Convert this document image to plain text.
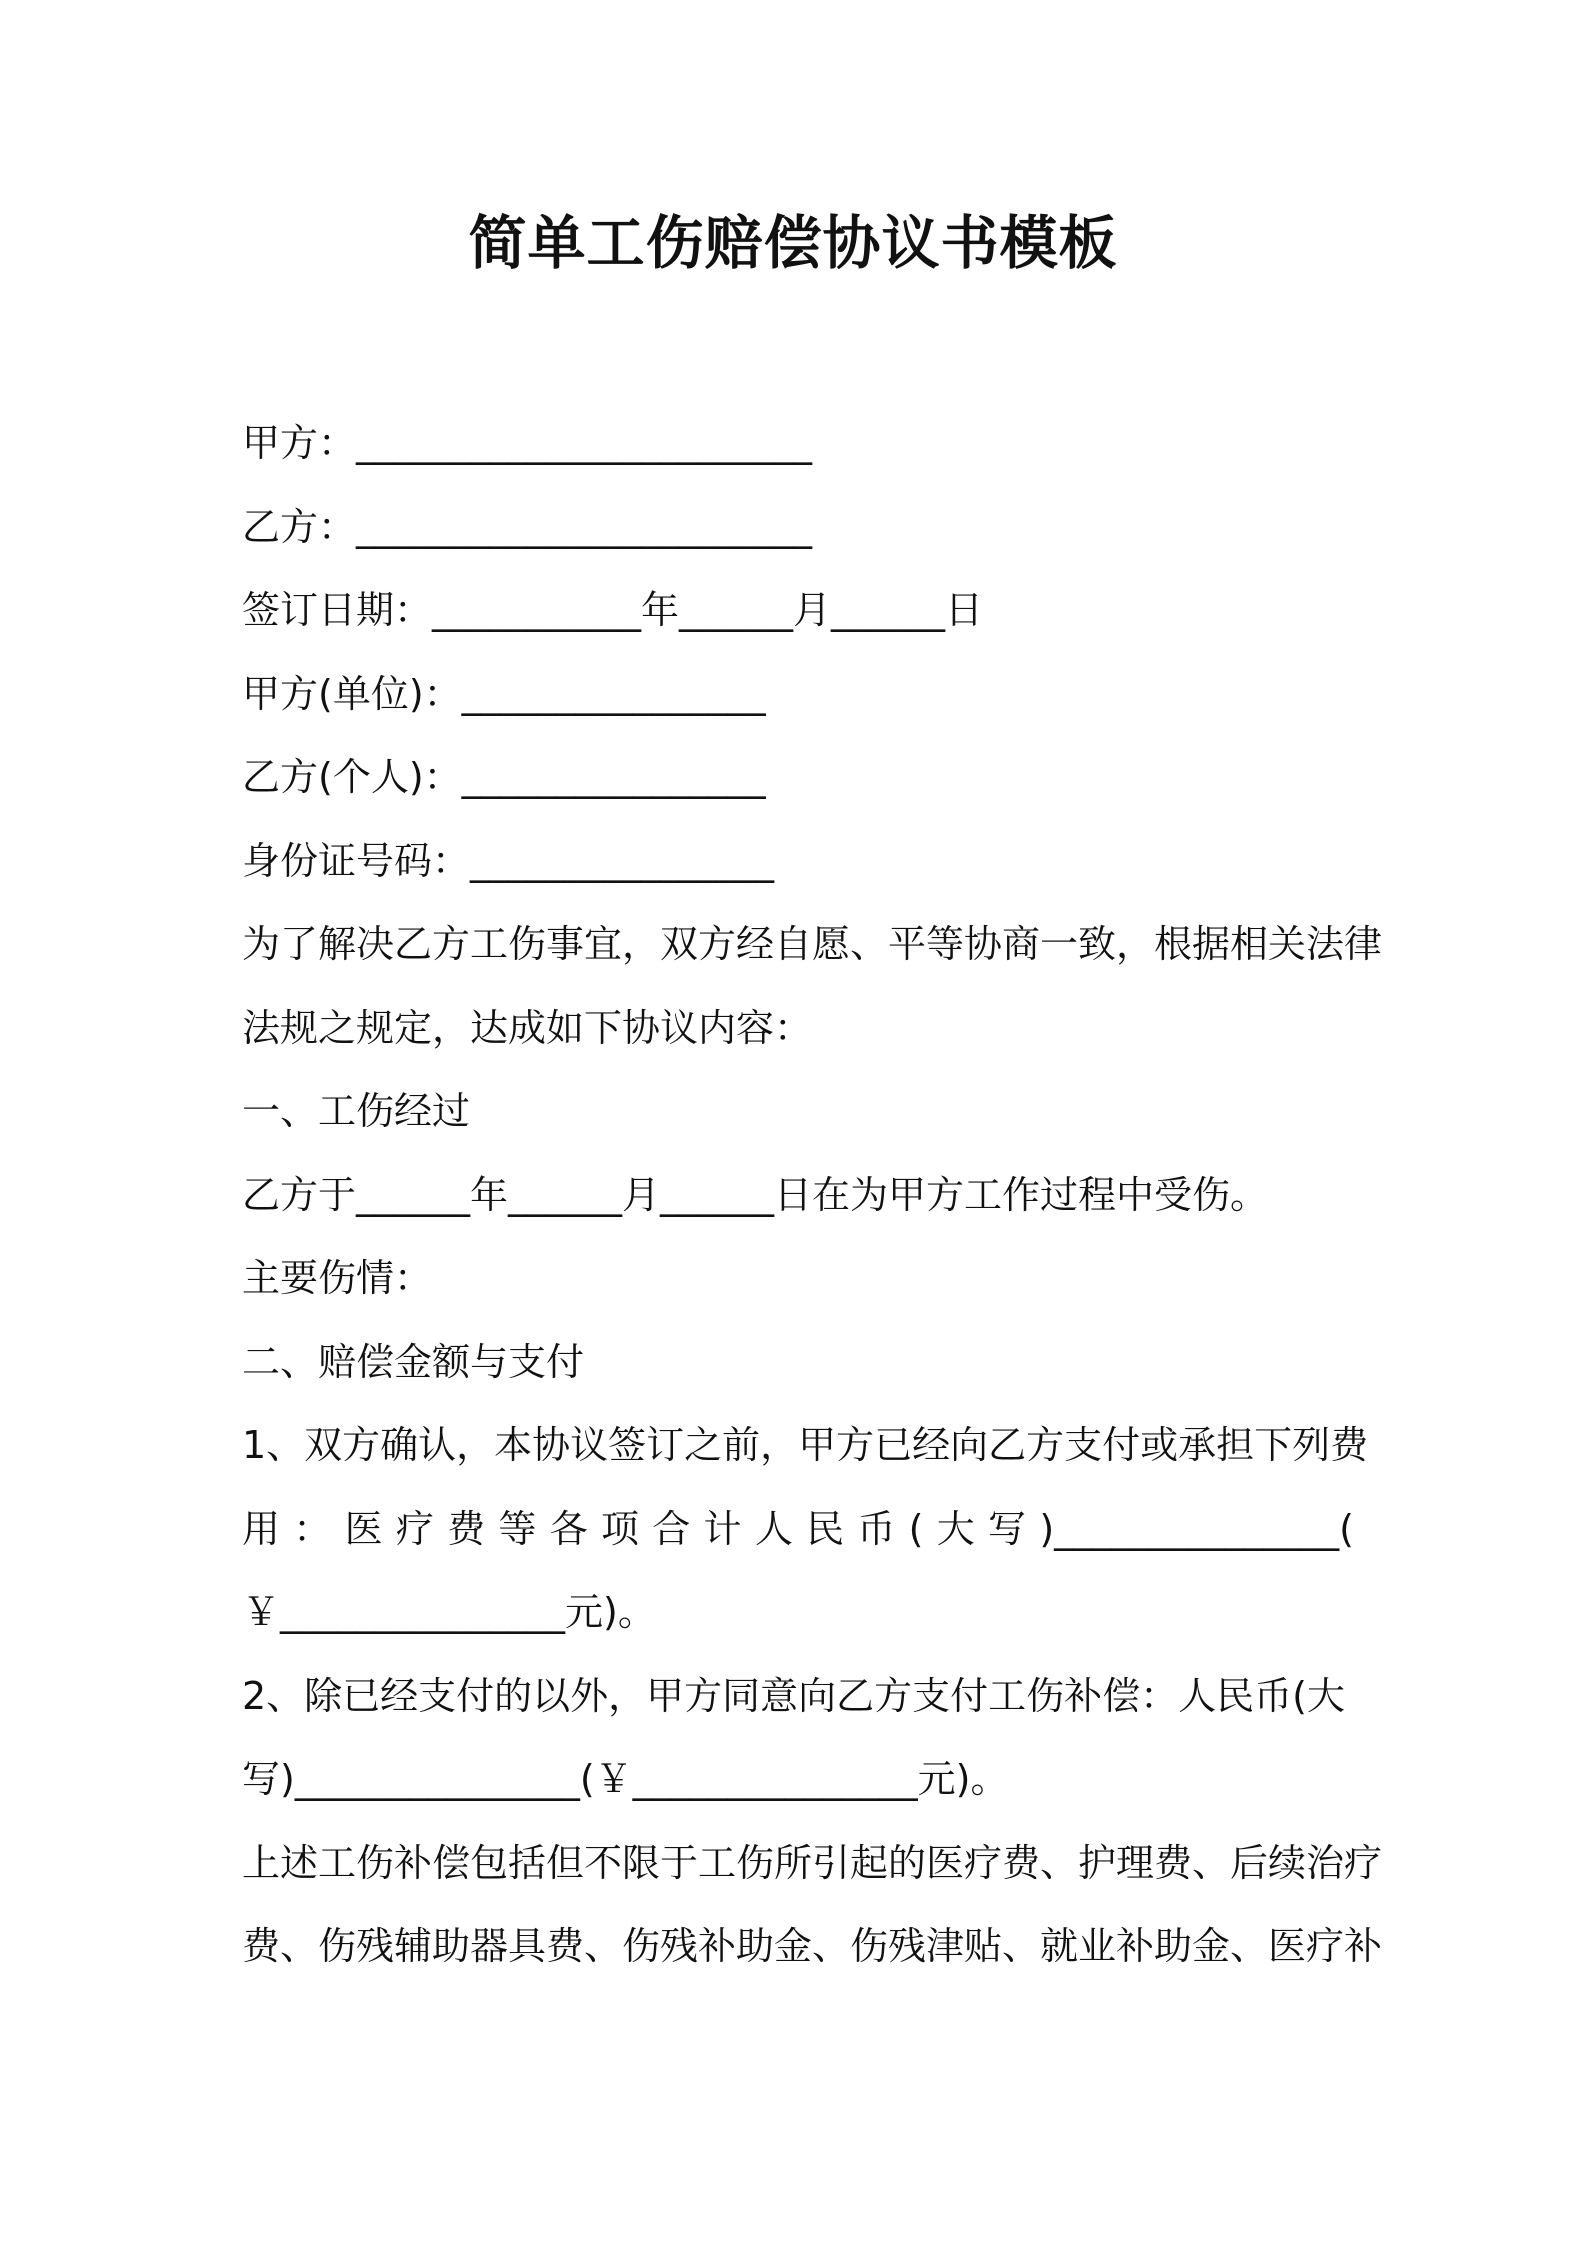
简单工伤赔偿协议书模板
甲方：________________________
乙方：________________________
签订日期：___________年______月______日
甲方(单位)：________________
乙方(个人)：________________
身份证号码：________________
为了解决乙方工伤事宜，双方经自愿、平等协商一致，根据相关法律
法规之规定，达成如下协议内容：
一、工伤经过
乙方于______年______月______日在为甲方工作过程中受伤。
主要伤情：
二、赔偿金额与支付
1、双方确认，本协议签订之前，甲方已经向乙方支付或承担下列费
用：医疗费等各项合计人民币(大写)_______________(
￥_______________元)。
2、除已经支付的以外，甲方同意向乙方支付工伤补偿：人民币(大
写)_______________(￥_______________元)。
上述工伤补偿包括但不限于工伤所引起的医疗费、护理费、后续治疗
费、伤残辅助器具费、伤残补助金、伤残津贴、就业补助金、医疗补
